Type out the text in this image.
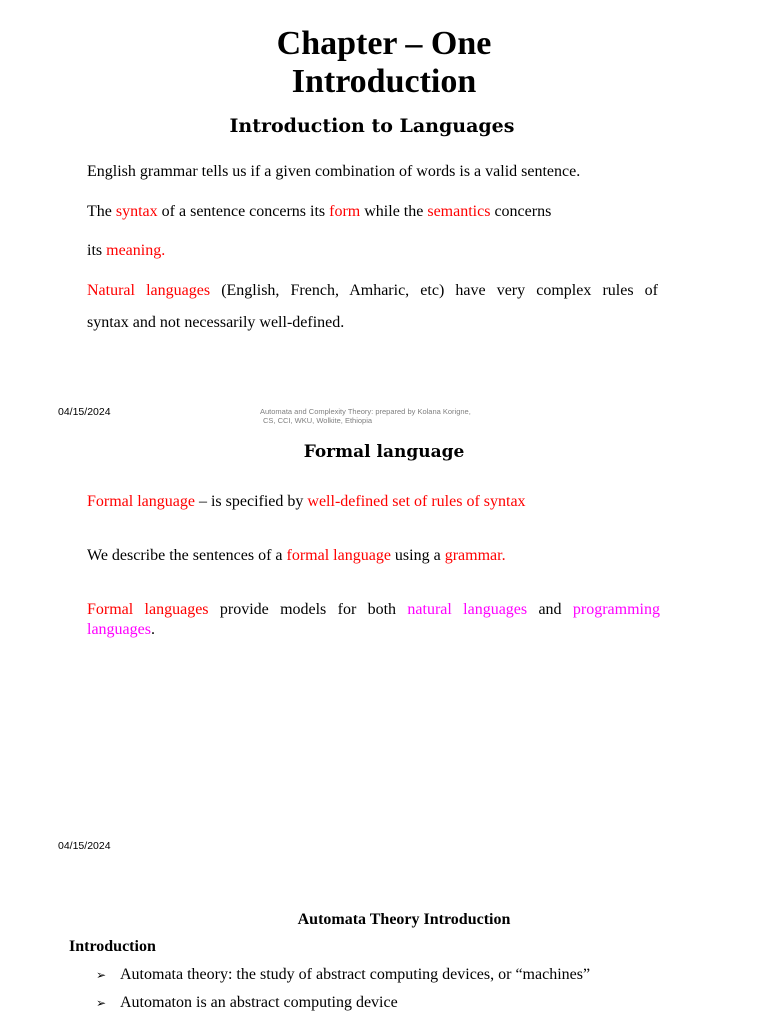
Chapter – One
Introduction
Introduction to Languages
English grammar tells us if a given combination of words is a valid sentence.
The syntax of a sentence concerns its form while the semantics concerns
its meaning.
Natural languages (English, French, Amharic, etc) have very complex rules of
syntax and not necessarily well-defined.
04/15/2024	Automata and Complexity Theory: prepared by Kolana Korigne,
CS, CCI, WKU, Wolkite, Ethiopia
Formal language
Formal language – is specified by well-defined set of rules of syntax
We describe the sentences of a formal language using a grammar.
Formal languages provide models for both natural languages and programming
languages.
04/15/2024
Automata Theory Introduction
Introduction
➢ Automata theory: the study of abstract computing devices, or “machines”
➢ Automaton is an abstract computing device
